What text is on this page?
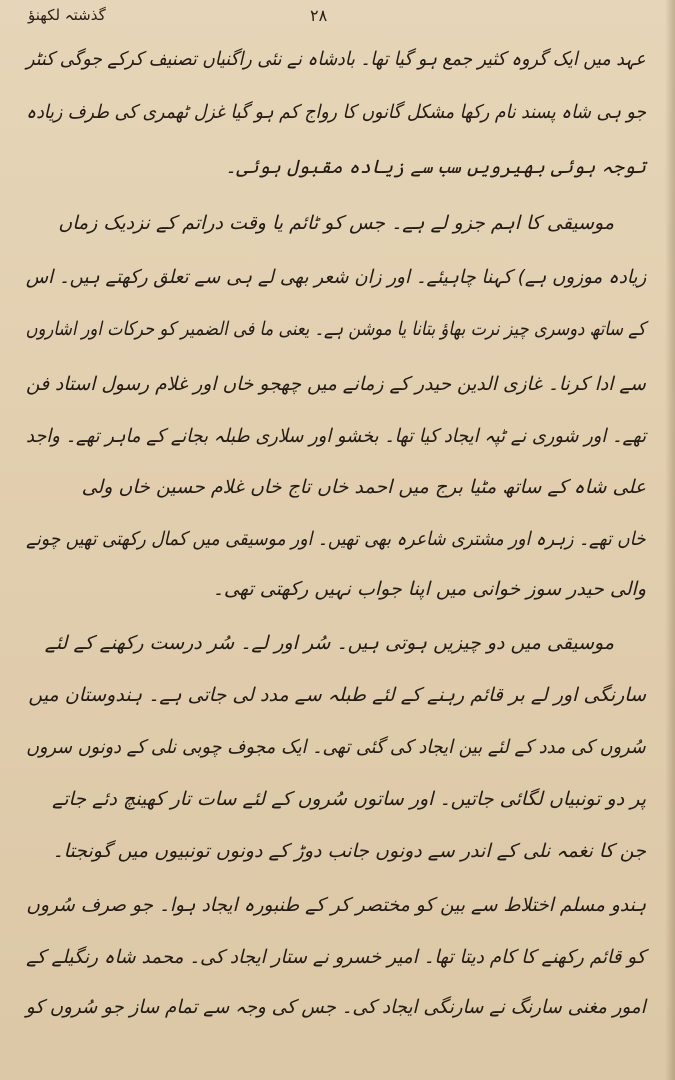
گذشتہ لکھنؤ	۲۸
عہد میں ایک گروہ کثیر جمع ہو گیا تھا۔ بادشاہ نے نئی راگنیاں تصنیف کرکے جوگی کنٹر
جو ہی شاہ پسند نام رکھا مشکل گانوں کا رواج کم ہو گیا غزل ٹھمری کی طرف زیادہ
توجہ ہوئی بھیرویں سب سے زیادہ مقبول ہوئی۔
موسیقی کا اہم جزو لے ہے۔ جس کو ٹائم یا وقت دراتم کے نزدیک زماں
زیادہ موزوں ہے) کہنا چاہیئے۔ اور زان شعر بھی لے ہی سے تعلق رکھتے ہیں۔ اس
کے ساتھ دوسری چیز نرت بھاؤ بتانا یا موشن ہے۔ یعنی ما فی الضمیر کو حرکات اور اشاروں
سے ادا کرنا۔ غازی الدین حیدر کے زمانے میں چھجو خاں اور غلام رسول استاد فن
تھے۔ اور شوری نے ٹپہ ایجاد کیا تھا۔ بخشو اور سلاری طبلہ بجانے کے ماہر تھے۔ واجد
علی شاہ کے ساتھ مٹیا برج میں احمد خاں تاج خاں غلام حسین خاں ولی
خاں تھے۔ زہرہ اور مشتری شاعرہ بھی تھیں۔ اور موسیقی میں کمال رکھتی تھیں چونے
والی حیدر سوز خوانی میں اپنا جواب نہیں رکھتی تھی۔
موسیقی میں دو چیزیں ہوتی ہیں۔ سُر اور لے۔ سُر درست رکھنے کے لئے
سارنگی اور لے بر قائم رہنے کے لئے طبلہ سے مدد لی جاتی ہے۔ ہندوستان میں
سُروں کی مدد کے لئے بین ایجاد کی گئی تھی۔ ایک مجوف چوبی نلی کے دونوں سروں
پر دو تونبیاں لگائی جاتیں۔ اور ساتوں سُروں کے لئے سات تار کھینچ دئے جاتے
جن کا نغمہ نلی کے اندر سے دونوں جانب دوڑ کے دونوں تونبیوں میں گونجتا۔
ہندو مسلم اختلاط سے بین کو مختصر کر کے طنبورہ ایجاد ہوا۔ جو صرف سُروں
کو قائم رکھنے کا کام دیتا تھا۔ امیر خسرو نے ستار ایجاد کی۔ محمد شاہ رنگیلے کے
امور مغنی سارنگ نے سارنگی ایجاد کی۔ جس کی وجہ سے تمام ساز جو سُروں کو
